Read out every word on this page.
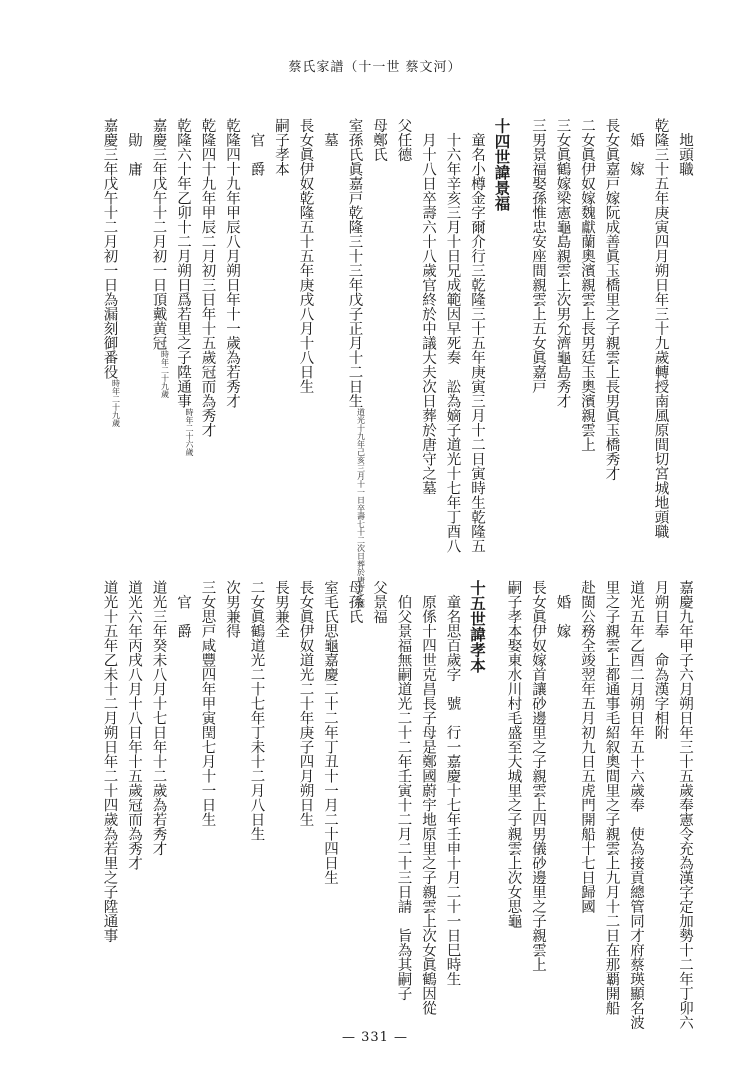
蔡氏家譜（十一世 蔡文河）
　地頭職
乾隆三十五年庚寅四月朔日年三十九歲轉授南風原間切宮城地頭職
　婚　嫁
長女眞嘉戸嫁阮成善眞玉橋里之子親雲上長男眞玉橋秀才
二女眞伊奴嫁魏獻蘭奧濱親雲上長男廷玉奧濱親雲上
三女眞鶴嫁梁憲龜島親雲上次男允濟龜島秀才
三男景福娶孫惟忠安座間親雲上五女眞嘉戸
十四世諱景福
　童名小樽金字爾介行三乾隆三十五年庚寅三月十二日寅時生乾隆五
　十六年辛亥三月十日兄成範因早死奏　訟為嫡子道光十七年丁酉八
　月十八日卒壽六十八歲官終於中議大夫次日葬於唐守之墓
父任德
母鄭氏
室孫氏眞嘉戸乾隆三十三年戊子正月十二日生道光十九年己亥三月十一日卒壽七十二次日葬於唐守之墓
　墓
長女眞伊奴乾隆五十五年庚戌八月十八日生
嗣子孝本
　官　爵
乾隆四十九年甲辰八月朔日年十一歲為若秀才
乾隆四十九年甲辰二月初三日年十五歲冠而為秀才
乾隆六十年乙卯十二月朔日爲若里之子陞通事時年二十六歲
嘉慶三年戊午十二月初一日頂戴黄冠時年二十九歲
　勛　庸
嘉慶三年戊午十二月初一日為漏刻御番役時年二十九歲
嘉慶九年甲子六月朔日年三十五歲奉憲令充為漢字定加勢十二年丁卯六
月朔日奉　命為漢字相附
道光五年乙酉二月朔日年五十六歲奉　使為接貢總管同才府蔡瑛顯名波
里之子親雲上都通事毛紹叙奧間里之子親雲上九月十二日在那覇開船
赴閩公務全竣翌年五月初九日五虎門開船十七日歸國
　婚　嫁
長女眞伊奴嫁首讓砂邊里之子親雲上四男儀砂邊里之子親雲上
嗣子孝本娶東水川村毛盛至大城里之子親雲上次女思龜
十五世諱孝本
　童名思百歲字　號　行一嘉慶十七年壬申十月二十一日巳時生
　原係十四世克昌長子母是鄭國蔚宇地原里之子親雲上次女眞鶴因從
　伯父景福無嗣道光二十二年壬寅十二月二十三日請　旨為其嗣子
父景福
母孫氏
室毛氏思龜嘉慶二十二年丁丑十一月二十四日生
長女眞伊奴道光二十年庚子四月朔日生
長男兼全
二女眞鶴道光二十七年丁未十二月八日生
次男兼得
三女思戸咸豐四年甲寅閏七月十一日生
　官　爵
道光三年癸未八月十七日年十二歲為若秀才
道光六年丙戌八月十八日年十五歲冠而為秀才
道光十五年乙未十二月朔日年二十四歲為若里之子陞通事
— 331 —
